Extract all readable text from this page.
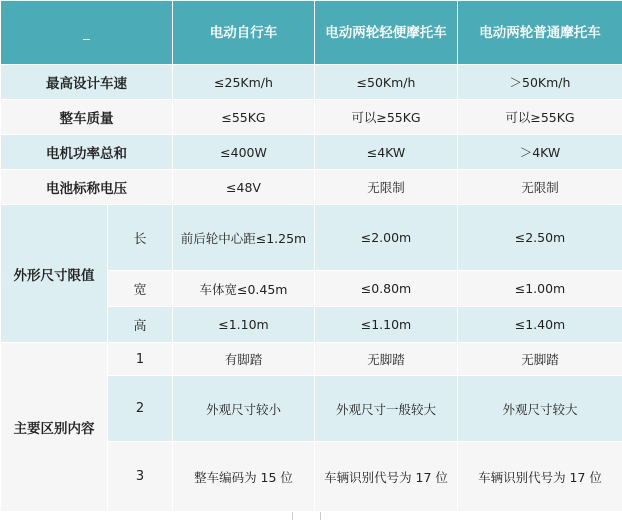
_		电动自行车	电动两轮轻便摩托车	电动两轮普通摩托车
最高设计车速		≤25Km/h	≤50Km/h	＞50Km/h
整车质量		≤55KG	可以≥55KG	可以≥55KG
电机功率总和		≤400W	≤4KW	＞4KW
电池标称电压		≤48V	无限制	无限制
外形尺寸限值	长	前后轮中心距≤1.25m	≤2.00m	≤2.50m
	宽	车体宽≤0.45m	≤0.80m	≤1.00m
	高	≤1.10m	≤1.10m	≤1.40m
主要区别内容	1	有脚踏	无脚踏	无脚踏
	2	外观尺寸较小	外观尺寸一般较大	外观尺寸较大
	3	整车编码为 15 位	车辆识别代号为 17 位	车辆识别代号为 17 位
